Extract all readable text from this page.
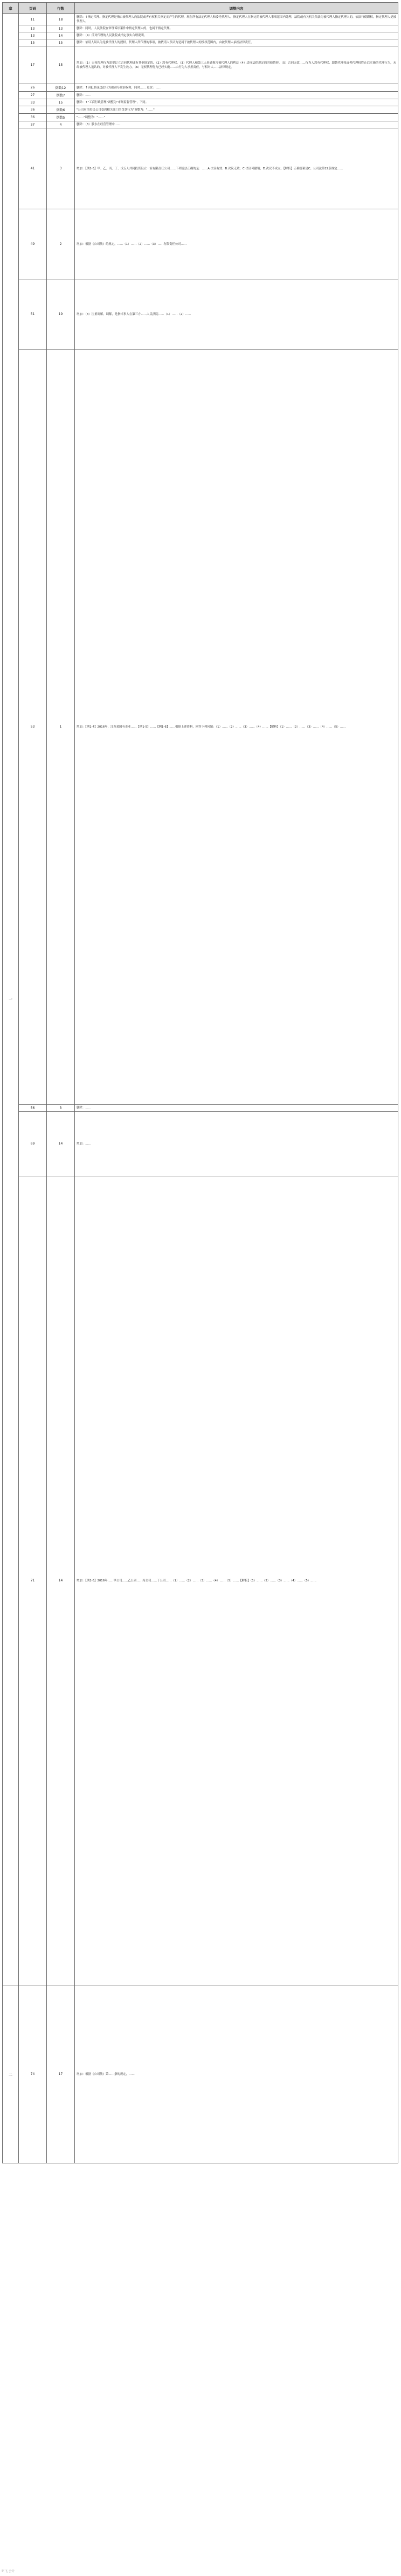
章	页码	行数	调整内容
一	11	18	删除：↑指定代理。指定代理是指由被代理人向法院或者有权机关指定而产生的代理，现在所有法定代理人和委托代理人。指定代理人在指定的被代理人事项范围内处理，法院或有关机关依法为被代理人指定代理人的，依法行使职权，指定代理人是被代理人。
	13	13	删除：同时，人民法院在审理诉讼案件中指定代理人的，也属于指定代理。
	13	14	删除：（4）反对代理的人民法院或指定事实合理说明。
	15	15	删除：依请人误认为是被代理人的授权。代理人所代理的事项，被依请人误认为是属于被代理人的授权范围内，由被代理人承担法律责任。
	17	15	增加：（1）无权代理行为需要订立合同代理或有其他规定的，（2）没有代理权，（3）代理人和第三人串通损害被代理人的利益（4）违反法律规定的其他情形，（5）合同无效……行为人没有代理权、超越代理权或者代理权终止后实施的代理行为，未经被代理人追认的，对被代理人不发生效力。（6）无权代理行为已经实施……由行为人承担责任，与相对人……法律规定。
	26	倒数12	删除：↑因犯罪或违法行为被剥夺政治权利，同时…… 更改：……
	27	倒数7	删除：……
	33	15	删除：↑"工商行政管理"调整为"市场监督管理"，下同。
	36	倒数6	"公司应当协议公司受到相关部门的罚款行为"调整为："……"
	36	倒数5	"……"调整为："……"
	37	4	删除：（3）股东在经营管理中……
	41	3	增加：【例1-3】甲、乙、丙、丁、戊五人共同投资设立一家有限责任公司……下列说法正确的是：……A.决议有效；B.决议无效；C.决议可撤销；D.决议不成立。【解析】正确答案是C。公司法第22条规定……
	49	2	增加：根据《公司法》的规定，……（1）……（2）……（3）……有限责任公司……
	51	19	增加：（3）注重调解。调解，是指当事人在第三方……人民法院……（1）……（2）……
	53	1	增加：【例1-4】2016年，江西某国有企业……【例1-5】……【例1-6】……根据上述资料，回答下列问题：（1）……（2）……（3）……（4）……【解析】（1）……（2）……（3）……（4）……（5）……
	56	3	删除：……
	69	14	增加：……
	71	14	增加：【例1-6】2016年……甲公司……乙公司……丙公司……丁公司……（1）……（2）……（3）……（4）……（5）……【解析】（1）……（2）……（3）……（4）……（5）……
二	74	17	增加：根据《公司法》第……条的规定，……
亚飞 会计
